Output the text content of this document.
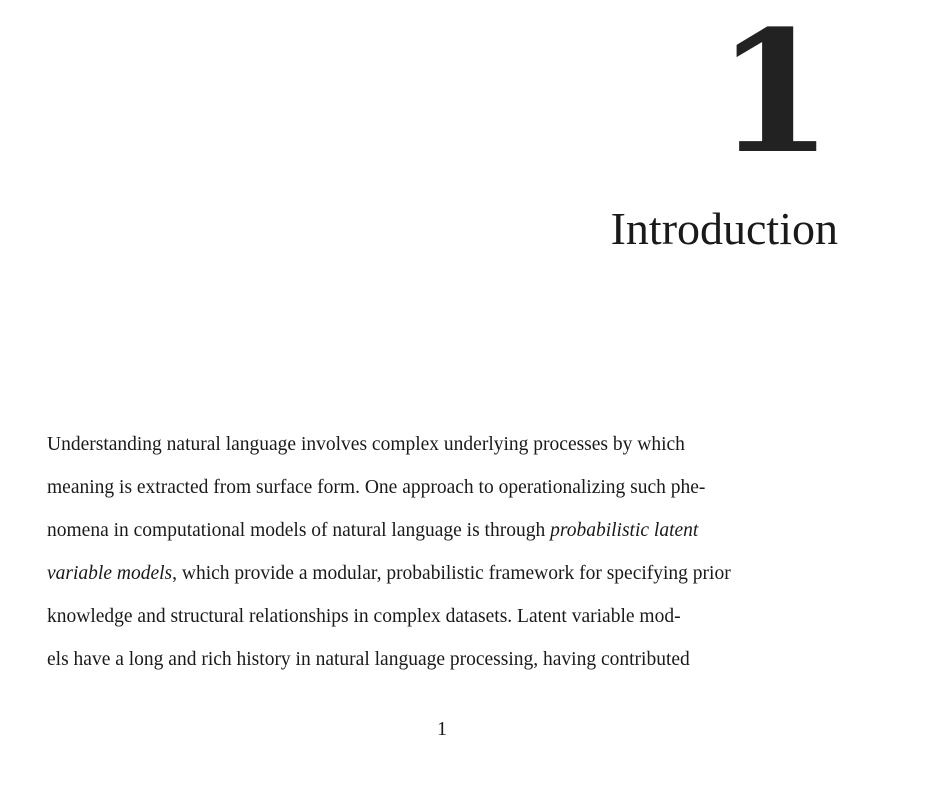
1
Introduction
Understanding natural language involves complex underlying processes by which
meaning is extracted from surface form. One approach to operationalizing such phe-
nomena in computational models of natural language is through probabilistic latent
variable models, which provide a modular, probabilistic framework for specifying prior
knowledge and structural relationships in complex datasets. Latent variable mod-
els have a long and rich history in natural language processing, having contributed
1
